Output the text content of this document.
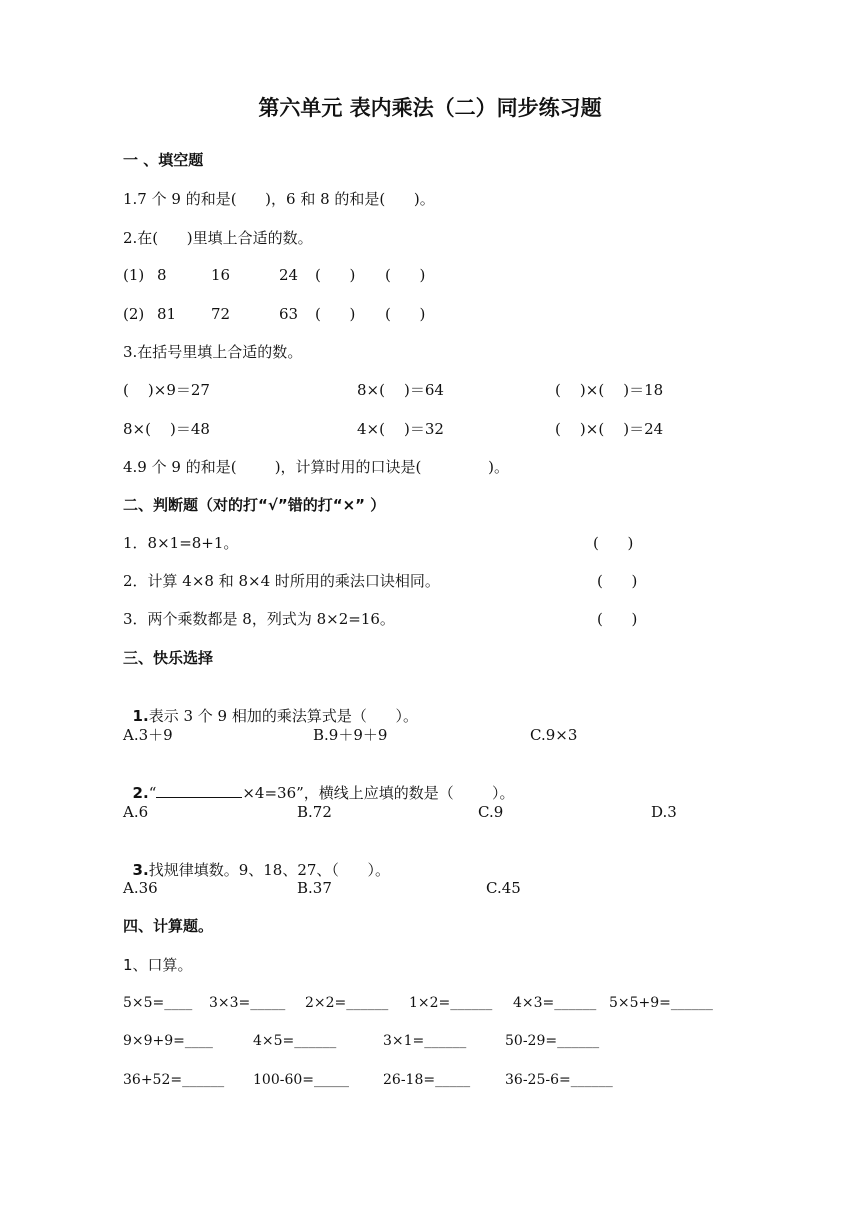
第六单元 表内乘法（二）同步练习题
一 、填空题
1.7 个 9 的和是(      )，6 和 8 的和是(      )。
2.在(      )里填上合适的数。
(1) 8	16	24 (      ) (      )
(2) 81 72	63 (      ) (      )
3.在括号里填上合适的数。
(    )×9＝27	8×(    )＝64	(    )×(    )＝18
8×(    )＝48	4×(    )＝32	(    )×(    )＝24
4.9 个 9 的和是(        )，计算时用的口诀是(              )。
二、判断题（对的打“√”错的打“×” ）
1．8×1=8+1。	(      )
2．计算 4×8 和 8×4 时所用的乘法口诀相同。	(      )
3．两个乘数都是 8，列式为 8×2=16。	(      )
三、快乐选择

1.表示 3 个 9 相加的乘法算式是（      ）。

A.3＋9	B.9＋9＋9	C.9×3

2.“	×4=36”，横线上应填的数是（        ）。

A.6	B.72	C.9	D.3

3.找规律填数。9、18、27、（      ）。

A.36	B.37	C.45
四、计算题。
1、口算。
5×5=____ 3×3=_____ 2×2=______ 1×2=______ 4×3=______ 5×5+9=______
9×9+9=____	4×5=______	3×1=______	50-29=______
36+52=______ 100-60=_____ 26-18=_____ 36-25-6=______
